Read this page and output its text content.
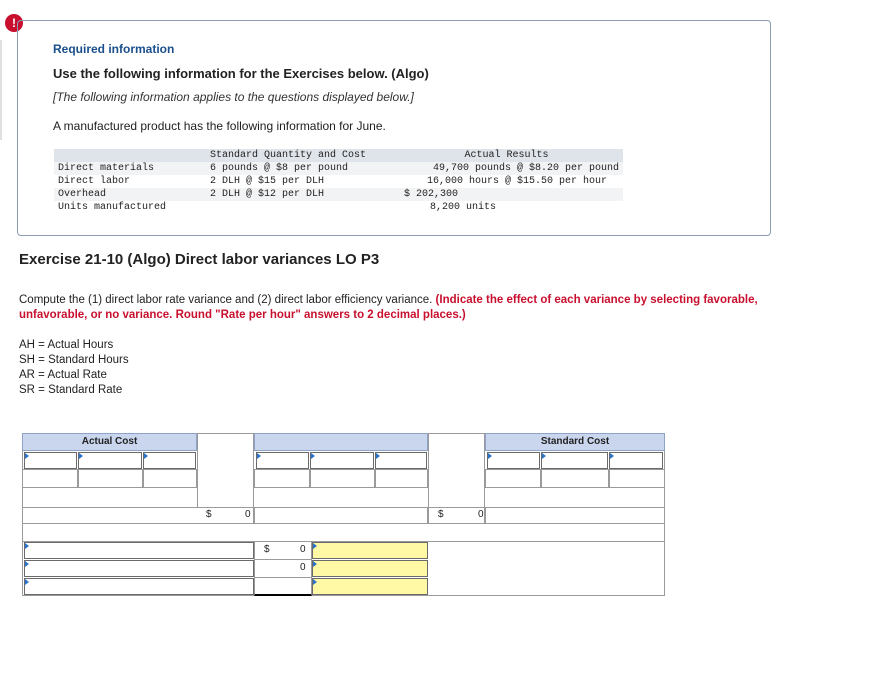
!
Required information
Use the following information for the Exercises below. (Algo)
[The following information applies to the questions displayed below.]
A manufactured product has the following information for June.
	Standard Quantity and Cost	Actual Results
Direct materials	6 pounds @ $8 per pound	49,700 pounds @ $8.20 per pound
Direct labor	2 DLH @ $15 per DLH	16,000 hours @ $15.50 per hour
Overhead	2 DLH @ $12 per DLH	$ 202,300
Units manufactured		8,200 units
Exercise 21-10 (Algo) Direct labor variances LO P3
Compute the (1) direct labor rate variance and (2) direct labor efficiency variance. (Indicate the effect of each variance by selecting favorable, unfavorable, or no variance. Round "Rate per hour" answers to 2 decimal places.)
AH = Actual Hours
SH = Standard Hours
AR = Actual Rate
SR = Standard Rate
Actual Cost	Standard Cost
$	0	$	0
$	0
0
